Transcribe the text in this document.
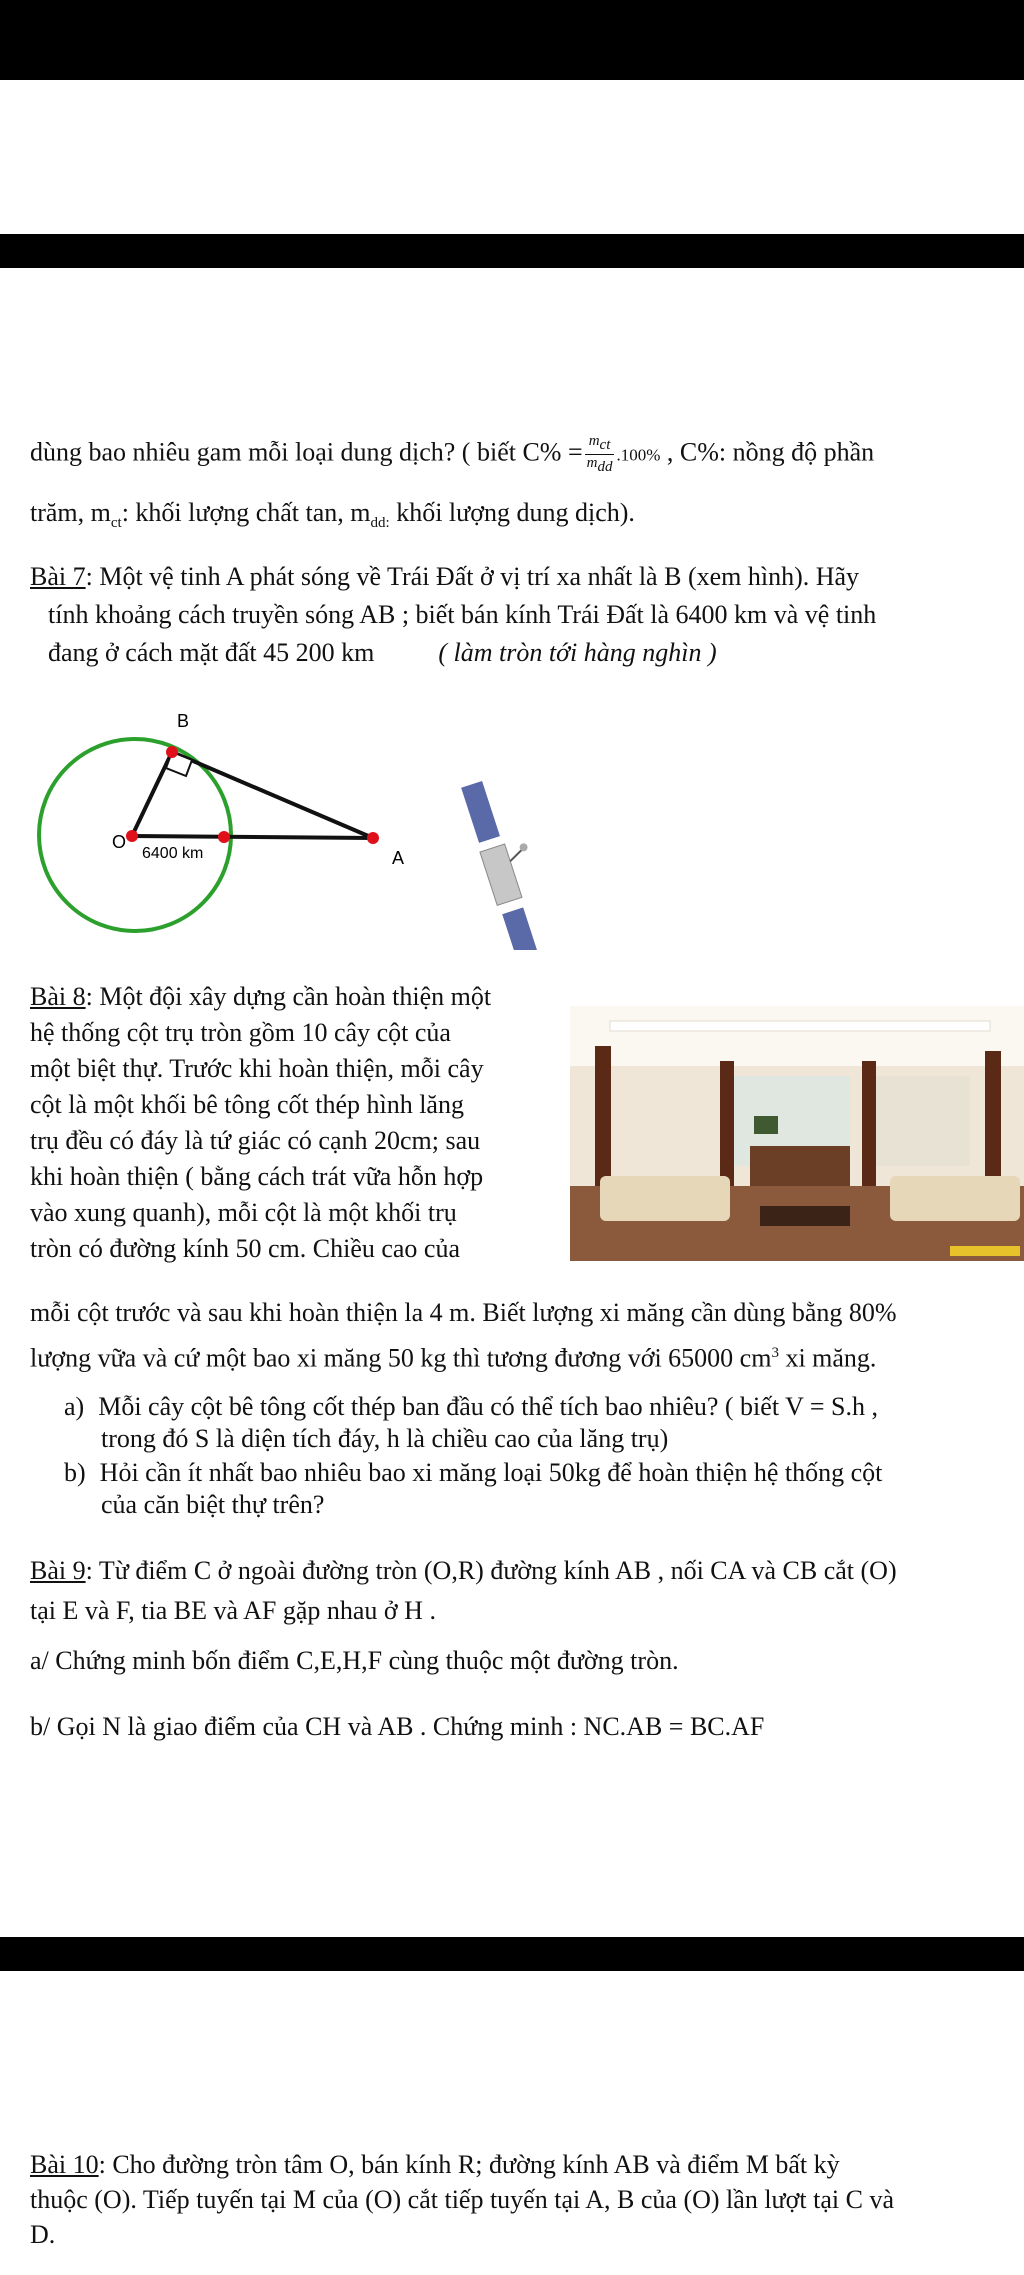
dùng bao nhiêu gam mỗi loại dung dịch? ( biết $C\% = \frac{m_{ct}}{m_{dd}} .100\%$ , C%: nồng độ phần
trăm, $m_{ct}$: khối lượng chất tan, $m_{dd:}$ khối lượng dung dịch).
Bài 7: Một vệ tinh A phát sóng về Trái Đất ở vị trí xa nhất là B (xem hình). Hãy
tính khoảng cách truyền sóng AB ; biết bán kính Trái Đất là 6400 km và vệ tinh
đang ở cách mặt đất 45 200 km ( làm tròn tới hàng nghìn )
B
O
A
6400 km
Bài 8: Một đội xây dựng cần hoàn thiện một
hệ thống cột trụ tròn gồm 10 cây cột của
một biệt thự. Trước khi hoàn thiện, mỗi cây
cột là một khối bê tông cốt thép hình lăng
trụ đều có đáy là tứ giác có cạnh 20cm; sau
khi hoàn thiện ( bằng cách trát vữa hỗn hợp
vào xung quanh), mỗi cột là một khối trụ
tròn có đường kính 50 cm. Chiều cao của
mỗi cột trước và sau khi hoàn thiện la 4 m. Biết lượng xi măng cần dùng bằng 80%
lượng vữa và cứ một bao xi măng 50 kg thì tương đương với 65000 $cm^3$ xi măng.
a) Mỗi cây cột bê tông cốt thép ban đầu có thể tích bao nhiêu? ( biết V = S.h ,
trong đó S là diện tích đáy, h là chiều cao của lăng trụ)
b) Hỏi cần ít nhất bao nhiêu bao xi măng loại 50kg để hoàn thiện hệ thống cột
của căn biệt thự trên?
Bài 9: Từ điểm C ở ngoài đường tròn (O,R) đường kính AB , nối CA và CB cắt (O)
tại E và F, tia BE và AF gặp nhau ở H .
a/ Chứng minh bốn điểm C,E,H,F cùng thuộc một đường tròn.
b/ Gọi N là giao điểm của CH và AB . Chứng minh : NC.AB = BC.AF
Bài 10: Cho đường tròn tâm O, bán kính R; đường kính AB và điểm M bất kỳ
thuộc (O). Tiếp tuyến tại M của (O) cắt tiếp tuyến tại A, B của (O) lần lượt tại C và
D.
